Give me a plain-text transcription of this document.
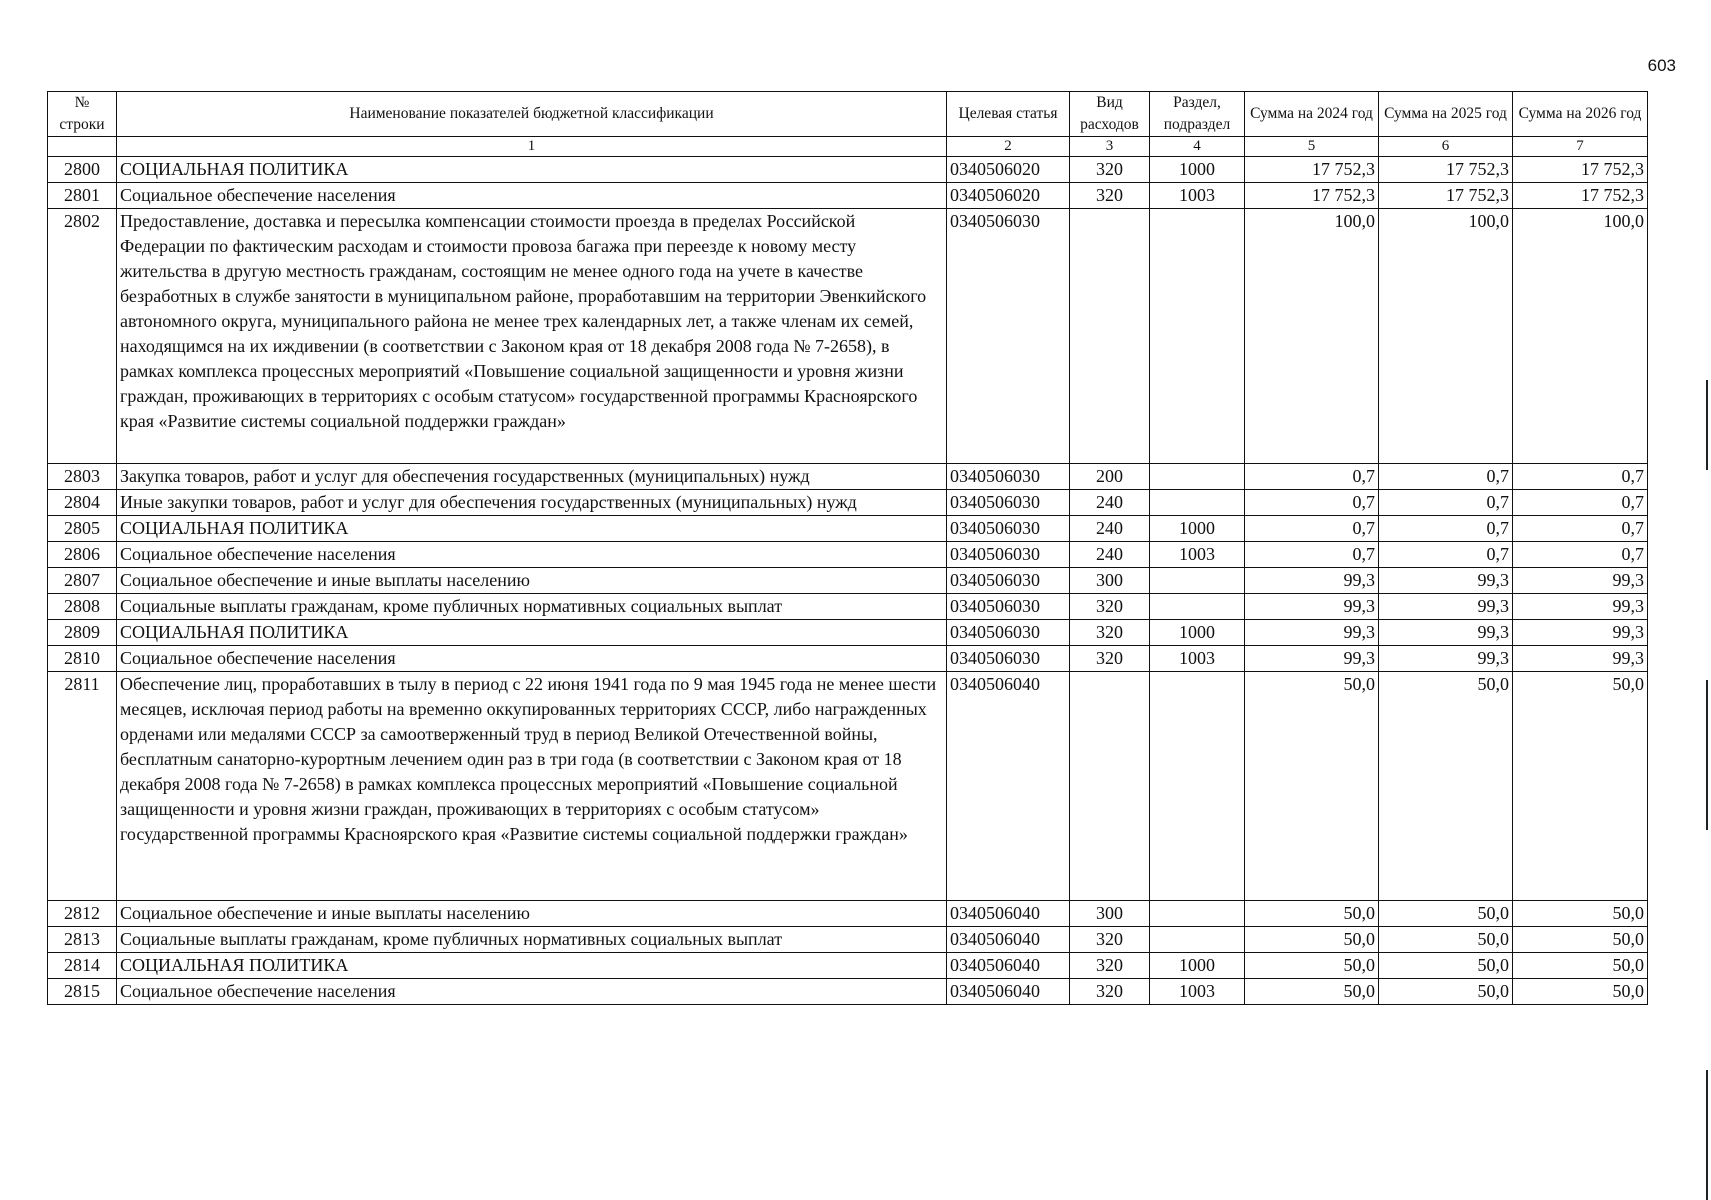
603
№ строки	Наименование показателей бюджетной классификации	Целевая статья	Вид расходов	Раздел, подраздел	Сумма на 2024 год	Сумма на 2025 год	Сумма на 2026 год
	1	2	3	4	5	6	7
2800	СОЦИАЛЬНАЯ ПОЛИТИКА	0340506020	320	1000	17 752,3	17 752,3	17 752,3
2801	Социальное обеспечение населения	0340506020	320	1003	17 752,3	17 752,3	17 752,3
2802	Предоставление, доставка и пересылка компенсации стоимости проезда в пределах Российской Федерации по фактическим расходам и стоимости провоза багажа при переезде к новому месту жительства в другую местность гражданам, состоящим не менее одного года на учете в качестве безработных в службе занятости в муниципальном районе, проработавшим на территории Эвенкийского автономного округа, муниципального района не менее трех календарных лет, а также членам их семей, находящимся на их иждивении (в соответствии с Законом края от 18 декабря 2008 года № 7-2658), в рамках комплекса процессных мероприятий «Повышение социальной защищенности и уровня жизни граждан, проживающих в территориях с особым статусом» государственной программы Красноярского края «Развитие системы социальной поддержки граждан»	0340506030			100,0	100,0	100,0
2803	Закупка товаров, работ и услуг для обеспечения государственных (муниципальных) нужд	0340506030	200		0,7	0,7	0,7
2804	Иные закупки товаров, работ и услуг для обеспечения государственных (муниципальных) нужд	0340506030	240		0,7	0,7	0,7
2805	СОЦИАЛЬНАЯ ПОЛИТИКА	0340506030	240	1000	0,7	0,7	0,7
2806	Социальное обеспечение населения	0340506030	240	1003	0,7	0,7	0,7
2807	Социальное обеспечение и иные выплаты населению	0340506030	300		99,3	99,3	99,3
2808	Социальные выплаты гражданам, кроме публичных нормативных социальных выплат	0340506030	320		99,3	99,3	99,3
2809	СОЦИАЛЬНАЯ ПОЛИТИКА	0340506030	320	1000	99,3	99,3	99,3
2810	Социальное обеспечение населения	0340506030	320	1003	99,3	99,3	99,3
2811	Обеспечение лиц, проработавших в тылу в период с 22 июня 1941 года по 9 мая 1945 года не менее шести месяцев, исключая период работы на временно оккупированных территориях СССР, либо награжденных орденами или медалями СССР за самоотверженный труд в период Великой Отечественной войны, бесплатным санаторно-курортным лечением один раз в три года (в соответствии с Законом края от 18 декабря 2008 года № 7-2658) в рамках комплекса процессных мероприятий «Повышение социальной защищенности и уровня жизни граждан, проживающих в территориях с особым статусом» государственной программы Красноярского края «Развитие системы социальной поддержки граждан»	0340506040			50,0	50,0	50,0
2812	Социальное обеспечение и иные выплаты населению	0340506040	300		50,0	50,0	50,0
2813	Социальные выплаты гражданам, кроме публичных нормативных социальных выплат	0340506040	320		50,0	50,0	50,0
2814	СОЦИАЛЬНАЯ ПОЛИТИКА	0340506040	320	1000	50,0	50,0	50,0
2815	Социальное обеспечение населения	0340506040	320	1003	50,0	50,0	50,0
